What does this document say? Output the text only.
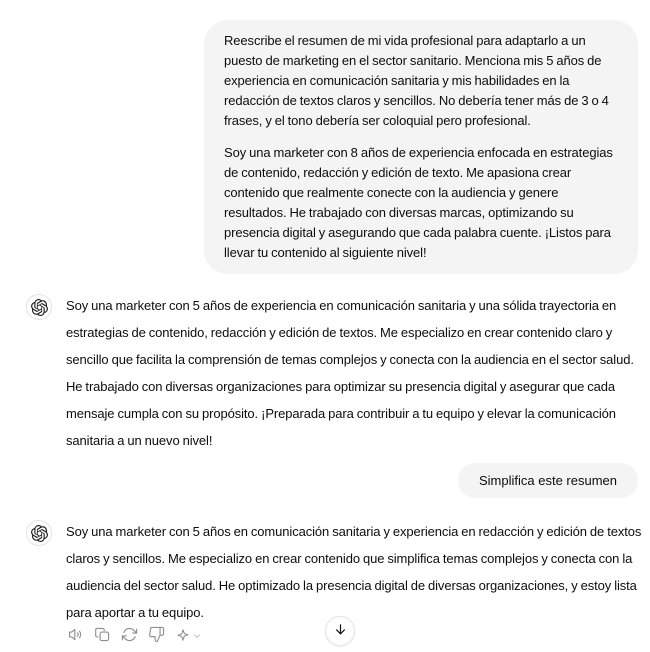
Reescribe el resumen de mi vida profesional para adaptarlo a un puesto de marketing en el sector sanitario. Menciona mis 5 años de experiencia en comunicación sanitaria y mis habilidades en la redacción de textos claros y sencillos. No debería tener más de 3 o 4 frases, y el tono debería ser coloquial pero profesional.

Soy una marketer con 8 años de experiencia enfocada en estrategias de contenido, redacción y edición de texto. Me apasiona crear contenido que realmente conecte con la audiencia y genere resultados. He trabajado con diversas marcas, optimizando su presencia digital y asegurando que cada palabra cuente. ¡Listos para llevar tu contenido al siguiente nivel!

Soy una marketer con 5 años de experiencia en comunicación sanitaria y una sólida trayectoria en estrategias de contenido, redacción y edición de textos. Me especializo en crear contenido claro y sencillo que facilita la comprensión de temas complejos y conecta con la audiencia en el sector salud. He trabajado con diversas organizaciones para optimizar su presencia digital y asegurar que cada mensaje cumpla con su propósito. ¡Preparada para contribuir a tu equipo y elevar la comunicación sanitaria a un nuevo nivel!
Simplifica este resumen
Soy una marketer con 5 años en comunicación sanitaria y experiencia en redacción y edición de textos claros y sencillos. Me especializo en crear contenido que simplifica temas complejos y conecta con la audiencia del sector salud. He optimizado la presencia digital de diversas organizaciones, y estoy lista para aportar a tu equipo.
